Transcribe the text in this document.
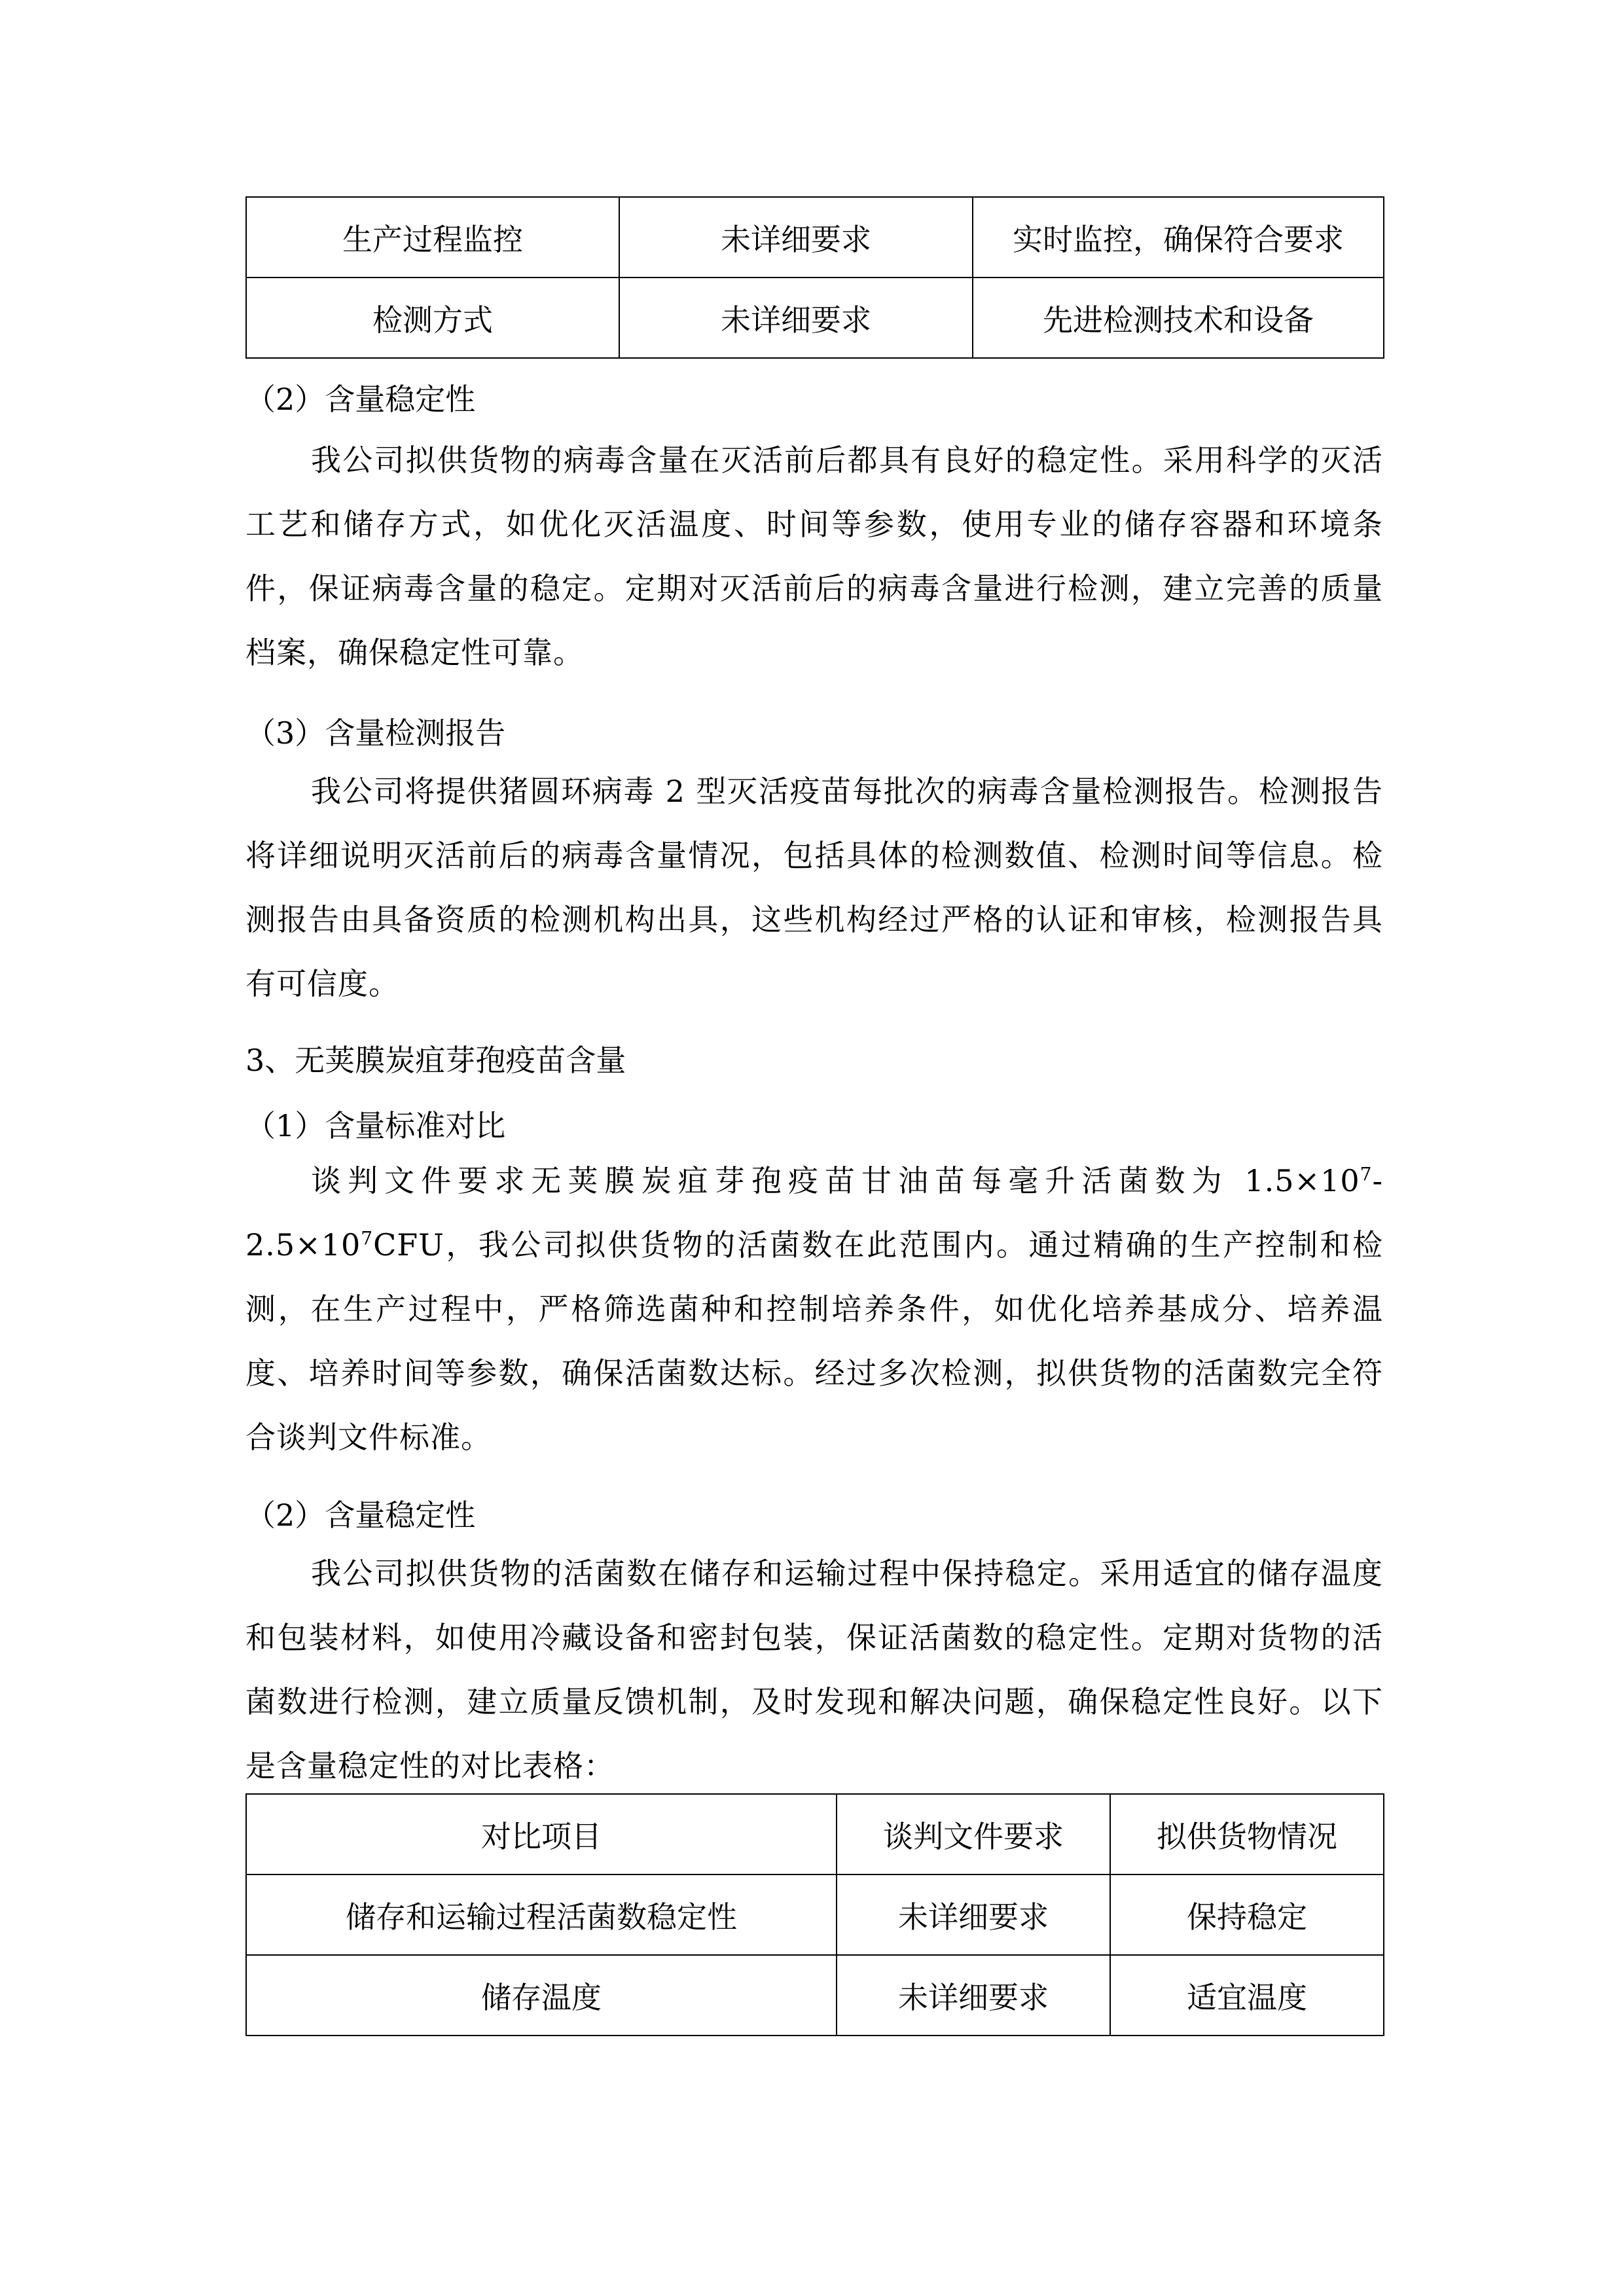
生产过程监控	未详细要求	实时监控，确保符合要求
检测方式	未详细要求	先进检测技术和设备
（2）含量稳定性

我公司拟供货物的病毒含量在灭活前后都具有良好的稳定性。采用科学的灭活工艺和储存方式，如优化灭活温度、时间等参数，使用专业的储存容器和环境条件，保证病毒含量的稳定。定期对灭活前后的病毒含量进行检测，建立完善的质量档案，确保稳定性可靠。

（3）含量检测报告

我公司将提供猪圆环病毒 2 型灭活疫苗每批次的病毒含量检测报告。检测报告将详细说明灭活前后的病毒含量情况，包括具体的检测数值、检测时间等信息。检测报告由具备资质的检测机构出具，这些机构经过严格的认证和审核，检测报告具有可信度。

3、无荚膜炭疽芽孢疫苗含量
（1）含量标准对比

谈判文件要求无荚膜炭疽芽孢疫苗甘油苗每毫升活菌数为 $1.5\times 10^7-2.5\times 10^7CFU$，我公司拟供货物的活菌数在此范围内。通过精确的生产控制和检测，在生产过程中，严格筛选菌种和控制培养条件，如优化培养基成分、培养温度、培养时间等参数，确保活菌数达标。经过多次检测，拟供货物的活菌数完全符合谈判文件标准。

（2）含量稳定性

我公司拟供货物的活菌数在储存和运输过程中保持稳定。采用适宜的储存温度和包装材料，如使用冷藏设备和密封包装，保证活菌数的稳定性。定期对货物的活菌数进行检测，建立质量反馈机制，及时发现和解决问题，确保稳定性良好。以下是含量稳定性的对比表格：

对比项目	谈判文件要求	拟供货物情况
储存和运输过程活菌数稳定性	未详细要求	保持稳定
储存温度	未详细要求	适宜温度
